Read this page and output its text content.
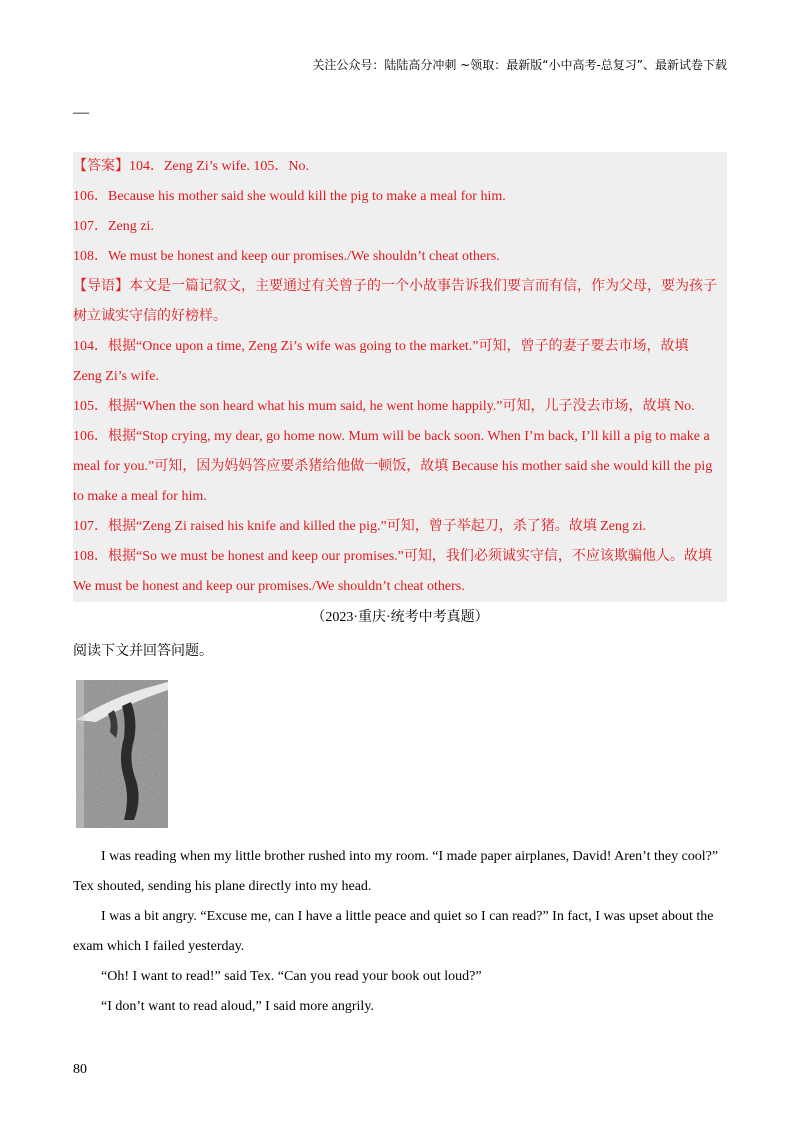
关注公众号：陆陆高分冲刺 ~领取：最新版“小中高考-总复习”、最新试卷下载
—
【答案】104．Zeng Zi’s wife. 105．No.
106．Because his mother said she would kill the pig to make a meal for him.
107．Zeng zi.
108．We must be honest and keep our promises./We shouldn’t cheat others.
【导语】本文是一篇记叙文，主要通过有关曾子的一个小故事告诉我们要言而有信，作为父母，要为孩子
树立诚实守信的好榜样。
104．根据“Once upon a time, Zeng Zi’s wife was going to the market.”可知，曾子的妻子要去市场，故填
Zeng Zi’s wife.
105．根据“When the son heard what his mum said, he went home happily.”可知，儿子没去市场，故填 No.
106．根据“Stop crying, my dear, go home now. Mum will be back soon. When I’m back, I’ll kill a pig to make a
meal for you.”可知，因为妈妈答应要杀猪给他做一顿饭，故填 Because his mother said she would kill the pig
to make a meal for him.
107．根据“Zeng Zi raised his knife and killed the pig.”可知，曾子举起刀，杀了猪。故填 Zeng zi.
108．根据“So we must be honest and keep our promises.”可知，我们必须诚实守信，不应该欺骗他人。故填
We must be honest and keep our promises./We shouldn’t cheat others.
（2023·重庆·统考中考真题）
阅读下文并回答问题。
I was reading when my little brother rushed into my room. “I made paper airplanes, David! Aren’t they cool?”
Tex shouted, sending his plane directly into my head.
I was a bit angry. “Excuse me, can I have a little peace and quiet so I can read?” In fact, I was upset about the
exam which I failed yesterday.
“Oh! I want to read!” said Tex. “Can you read your book out loud?”
“I don’t want to read aloud,” I said more angrily.
80
